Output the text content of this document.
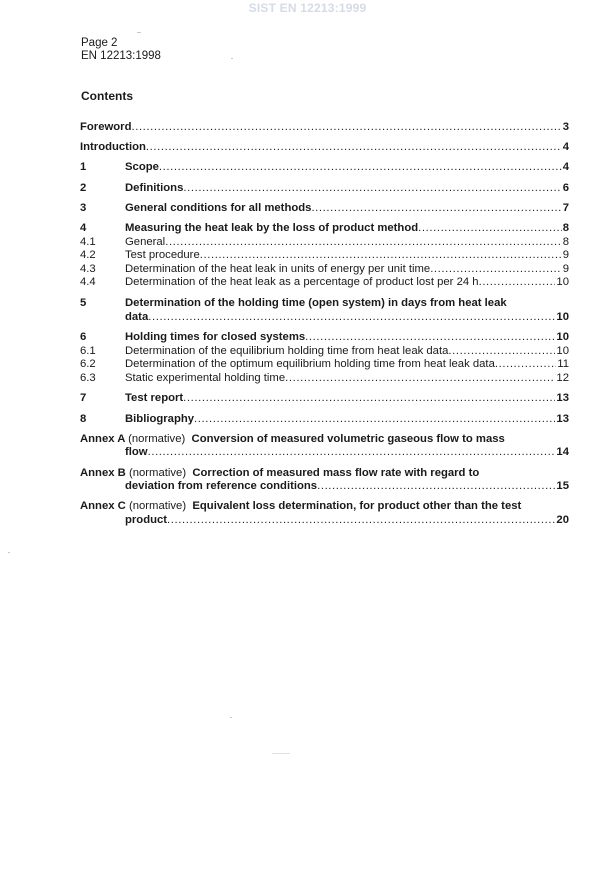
SIST EN 12213:1999
Page 2
EN 12213:1998
Contents
Foreword .....	3
Introduction .....	4
1	Scope .....	4
2	Definitions .....	6
3	General conditions for all methods .....	7
4	Measuring the heat leak by the loss of product method .....	8
4.1	General .....	8
4.2	Test procedure .....	9
4.3	Determination of the heat leak in units of energy per unit time .....	9
4.4	Determination of the heat leak as a percentage of product lost per 24 h .....	10
5	Determination of the holding time (open system) in days from heat leak
data .....	10
6	Holding times for closed systems .....	10
6.1	Determination of the equilibrium holding time from heat leak data .....	10
6.2	Determination of the optimum equilibrium holding time from heat leak data .....	11
6.3	Static experimental holding time .....	12
7	Test report .....	13
8	Bibliography .....	13
Annex A (normative) Conversion of measured volumetric gaseous flow to mass
flow .....	14
Annex B (normative) Correction of measured mass flow rate with regard to
deviation from reference conditions .....	15
Annex C (normative) Equivalent loss determination, for product other than the test
product .....	20
